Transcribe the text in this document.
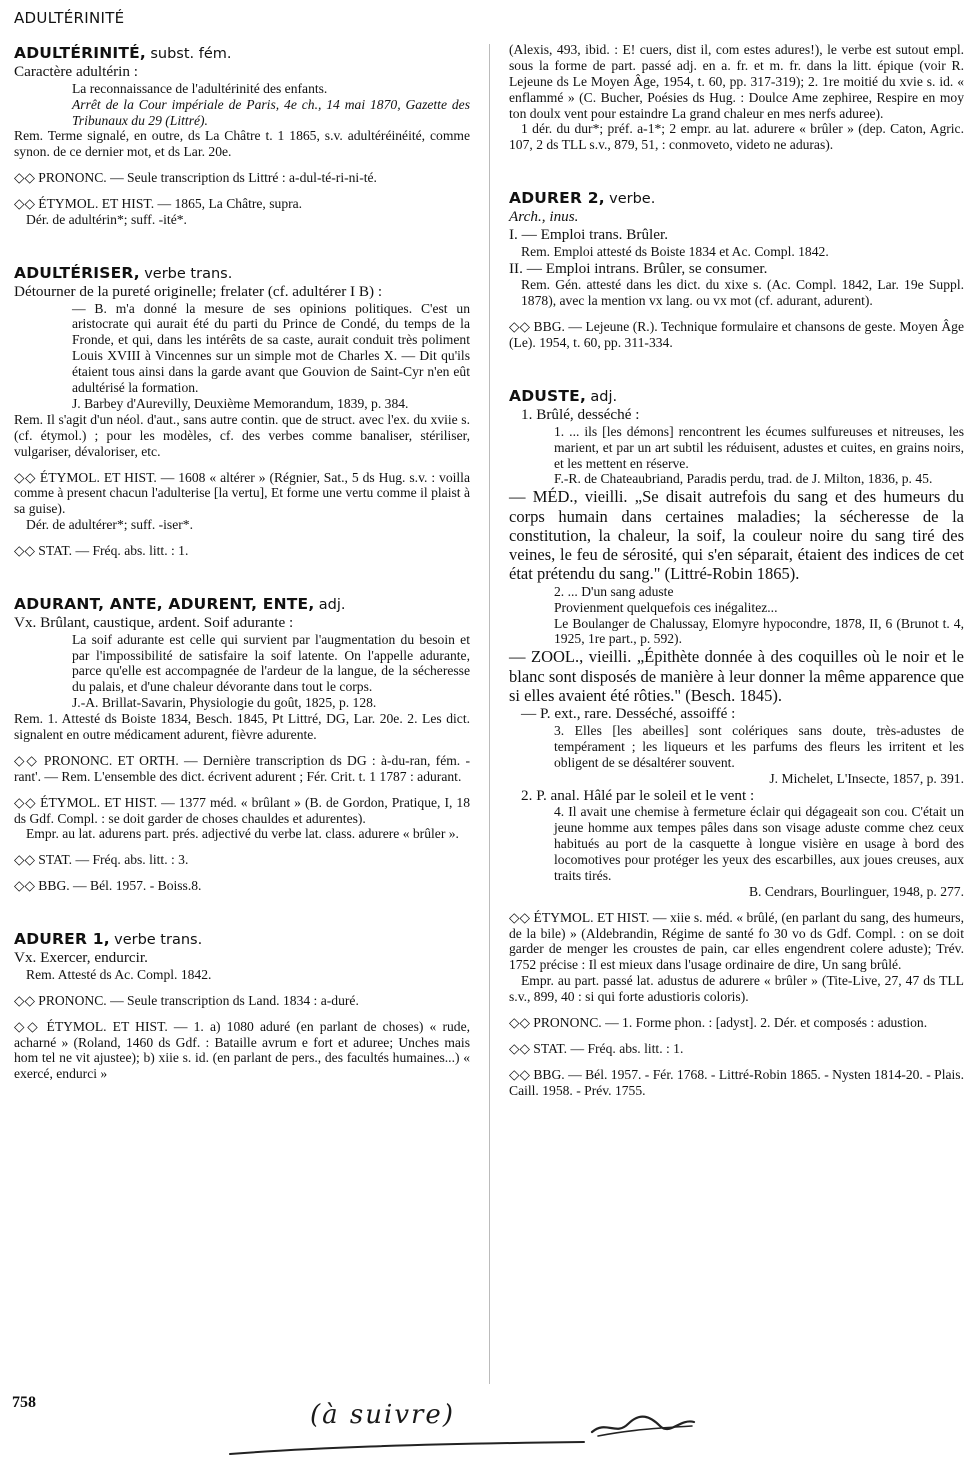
ADULTÉRINITÉ

ADULTÉRINITÉ, subst. fém.

Caractère adultérin :

La reconnaissance de l'adultérinité des enfants.

Arrêt de la Cour impériale de Paris, 4e ch., 14 mai 1870, Gazette des Tribunaux du 29 (Littré).

Rem. Terme signalé, en outre, ds La Châtre t. 1 1865, s.v. adultéréinéité, comme synon. de ce dernier mot, et ds Lar. 20e.

◇◇ PRONONC. — Seule transcription ds Littré : a-dul-té-ri-ni-té.

◇◇ ÉTYMOL. ET HIST. — 1865, La Châtre, supra.

Dér. de adultérin*; suff. -ité*.

ADULTÉRISER, verbe trans.

Détourner de la pureté originelle; frelater (cf. adultérer I B) :

— B. m'a donné la mesure de ses opinions politiques. C'est un aristocrate qui aurait été du parti du Prince de Condé, du temps de la Fronde, et qui, dans les intérêts de sa caste, aurait conduit très poliment Louis XVIII à Vincennes sur un simple mot de Charles X. — Dit qu'ils étaient tous ainsi dans la garde avant que Gouvion de Saint-Cyr n'en eût adultérisé la formation.

J. Barbey d'Aurevilly, Deuxième Memorandum, 1839, p. 384.

Rem. Il s'agit d'un néol. d'aut., sans autre contin. que de struct. avec l'ex. du xviie s. (cf. étymol.) ; pour les modèles, cf. des verbes comme banaliser, stériliser, vulgariser, dévaloriser, etc.

◇◇ ÉTYMOL. ET HIST. — 1608 « altérer » (Régnier, Sat., 5 ds Hug. s.v. : voilla comme à present chacun l'adulterise [la vertu], Et forme une vertu comme il plaist à sa guise).

Dér. de adultérer*; suff. -iser*.

◇◇ STAT. — Fréq. abs. litt. : 1.

ADURANT, ANTE, ADURENT, ENTE, adj.

Vx. Brûlant, caustique, ardent. Soif adurante :

La soif adurante est celle qui survient par l'augmentation du besoin et par l'impossibilité de satisfaire la soif latente. On l'appelle adurante, parce qu'elle est accompagnée de l'ardeur de la langue, de la sécheresse du palais, et d'une chaleur dévorante dans tout le corps.

J.-A. Brillat-Savarin, Physiologie du goût, 1825, p. 128.

Rem. 1. Attesté ds Boiste 1834, Besch. 1845, Pt Littré, DG, Lar. 20e. 2. Les dict. signalent en outre médicament adurent, fièvre adurente.

◇◇ PRONONC. ET ORTH. — Dernière transcription ds DG : à-du-ran, fém. -rant'. — Rem. L'ensemble des dict. écrivent adurent ; Fér. Crit. t. 1 1787 : adurant.

◇◇ ÉTYMOL. ET HIST. — 1377 méd. « brûlant » (B. de Gordon, Pratique, I, 18 ds Gdf. Compl. : se doit garder de choses chauldes et adurentes).

Empr. au lat. adurens part. prés. adjectivé du verbe lat. class. adurere « brûler ».

◇◇ STAT. — Fréq. abs. litt. : 3.

◇◇ BBG. — Bél. 1957. - Boiss.8.

ADURER 1, verbe trans.

Vx. Exercer, endurcir.

Rem. Attesté ds Ac. Compl. 1842.

◇◇ PRONONC. — Seule transcription ds Land. 1834 : a-duré.

◇◇ ÉTYMOL. ET HIST. — 1. a) 1080 aduré (en parlant de choses) « rude, acharné » (Roland, 1460 ds Gdf. : Bataille avrum e fort et aduree; Unches mais hom tel ne vit ajustee); b) xiie s. id. (en parlant de pers., des facultés humaines...) « exercé, endurci »

(Alexis, 493, ibid. : E! cuers, dist il, com estes adures!), le verbe est sutout empl. sous la forme de part. passé adj. en a. fr. et m. fr. dans la litt. épique (voir R. Lejeune ds Le Moyen Âge, 1954, t. 60, pp. 317-319); 2. 1re moitié du xvie s. id. « enflammé » (C. Bucher, Poésies ds Hug. : Doulce Ame zephiree, Respire en moy ton doulx vent pour estaindre La grand chaleur en mes nerfs aduree).

1 dér. du dur*; préf. a-1*; 2 empr. au lat. adurere « brûler » (dep. Caton, Agric. 107, 2 ds TLL s.v., 879, 51, : conmoveto, videto ne aduras).

ADURER 2, verbe.

Arch., inus.

I. — Emploi trans. Brûler.

Rem. Emploi attesté ds Boiste 1834 et Ac. Compl. 1842.

II. — Emploi intrans. Brûler, se consumer.

Rem. Gén. attesté dans les dict. du xixe s. (Ac. Compl. 1842, Lar. 19e Suppl. 1878), avec la mention vx lang. ou vx mot (cf. adurant, adurent).

◇◇ BBG. — Lejeune (R.). Technique formulaire et chansons de geste. Moyen Âge (Le). 1954, t. 60, pp. 311-334.

ADUSTE, adj.

1. Brûlé, desséché :

1. ... ils [les démons] rencontrent les écumes sulfureuses et nitreuses, les marient, et par un art subtil les réduisent, adustes et cuites, en grains noirs, et les mettent en réserve.

F.-R. de Chateaubriand, Paradis perdu, trad. de J. Milton, 1836, p. 45.

— MÉD., vieilli. „Se disait autrefois du sang et des humeurs du corps humain dans certaines maladies; la sécheresse de la constitution, la chaleur, la soif, la couleur noire du sang tiré des veines, le feu de sérosité, qui s'en séparait, étaient des indices de cet état prétendu du sang." (Littré-Robin 1865).

2. ... D'un sang aduste

Provienment quelquefois ces inégalitez...

Le Boulanger de Chalussay, Elomyre hypocondre, 1878, II, 6 (Brunot t. 4, 1925, 1re part., p. 592).

— ZOOL., vieilli. „Épithète donnée à des coquilles où le noir et le blanc sont disposés de manière à leur donner la même apparence que si elles avaient été rôties." (Besch. 1845).

— P. ext., rare. Desséché, assoiffé :

3. Elles [les abeilles] sont colériques sans doute, très-adustes de tempérament ; les liqueurs et les parfums des fleurs les irritent et les obligent de se désaltérer souvent.

J. Michelet, L'Insecte, 1857, p. 391.

2. P. anal. Hâlé par le soleil et le vent :

4. Il avait une chemise à fermeture éclair qui dégageait son cou. C'était un jeune homme aux tempes pâles dans son visage aduste comme chez ceux habitués au port de la casquette à longue visière en usage à bord des locomotives pour protéger les yeux des escarbilles, aux joues creuses, aux traits tirés.

B. Cendrars, Bourlinguer, 1948, p. 277.

◇◇ ÉTYMOL. ET HIST. — xiie s. méd. « brûlé, (en parlant du sang, des humeurs, de la bile) » (Aldebrandin, Régime de santé fo 30 vo ds Gdf. Compl. : on se doit garder de menger les croustes de pain, car elles engendrent colere aduste); Trév. 1752 précise : Il est mieux dans l'usage ordinaire de dire, Un sang brûlé.

Empr. au part. passé lat. adustus de adurere « brûler » (Tite-Live, 27, 47 ds TLL s.v., 899, 40 : si qui forte adustioris coloris).

◇◇ PRONONC. — 1. Forme phon. : [adyst]. 2. Dér. et composés : adustion.

◇◇ STAT. — Fréq. abs. litt. : 1.

◇◇ BBG. — Bél. 1957. - Fér. 1768. - Littré-Robin 1865. - Nysten 1814-20. - Plais. Caill. 1958. - Prév. 1755.

758	(à suivre)
